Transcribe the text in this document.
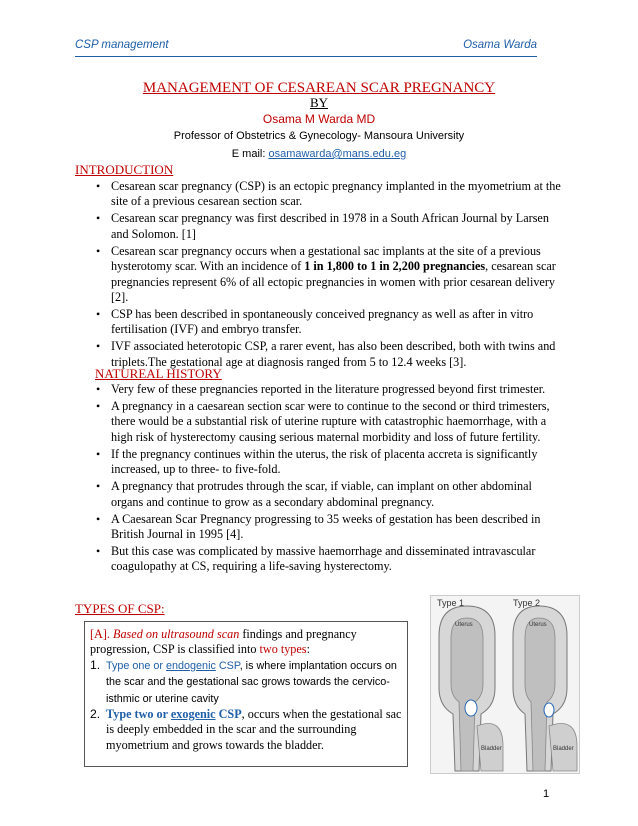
CSP management	Osama Warda
MANAGEMENT OF CESAREAN SCAR PREGNANCY
BY
Osama M Warda MD
Professor of Obstetrics & Gynecology- Mansoura University
E mail: osamawarda@mans.edu.eg
INTRODUCTION
• Cesarean scar pregnancy (CSP) is an ectopic pregnancy implanted in the myometrium at the site of a previous cesarean section scar.
• Cesarean scar pregnancy was first described in 1978 in a South African Journal by Larsen and Solomon. [1]
• Cesarean scar pregnancy occurs when a gestational sac implants at the site of a previous hysterotomy scar. With an incidence of 1 in 1,800 to 1 in 2,200 pregnancies, cesarean scar pregnancies represent 6% of all ectopic pregnancies in women with prior cesarean delivery [2].
• CSP has been described in spontaneously conceived pregnancy as well as after in vitro fertilisation (IVF) and embryo transfer.
• IVF associated heterotopic CSP, a rarer event, has also been described, both with twins and triplets.The gestational age at diagnosis ranged from 5 to 12.4 weeks [3].
NATUREAL HISTORY
• Very few of these pregnancies reported in the literature progressed beyond first trimester.
• A pregnancy in a caesarean section scar were to continue to the second or third trimesters, there would be a substantial risk of uterine rupture with catastrophic haemorrhage, with a high risk of hysterectomy causing serious maternal morbidity and loss of future fertility.
• If the pregnancy continues within the uterus, the risk of placenta accreta is significantly increased, up to three- to five-fold.
• A pregnancy that protrudes through the scar, if viable, can implant on other abdominal organs and continue to grow as a secondary abdominal pregnancy.
• A Caesarean Scar Pregnancy progressing to 35 weeks of gestation has been described in British Journal in 1995 [4].
• But this case was complicated by massive haemorrhage and disseminated intravascular coagulopathy at CS, requiring a life-saving hysterectomy.
TYPES OF CSP:
[A]. Based on ultrasound scan findings and pregnancy progression, CSP is classified into two types:
1. Type one or endogenic CSP, is where implantation occurs on the scar and the gestational sac grows towards the cervico-isthmic or uterine cavity
2. Type two or exogenic CSP, occurs when the gestational sac is deeply embedded in the scar and the surrounding myometrium and grows towards the bladder.
Type 1	Type 2
Uterus	Uterus
Bladder	Bladder
1
